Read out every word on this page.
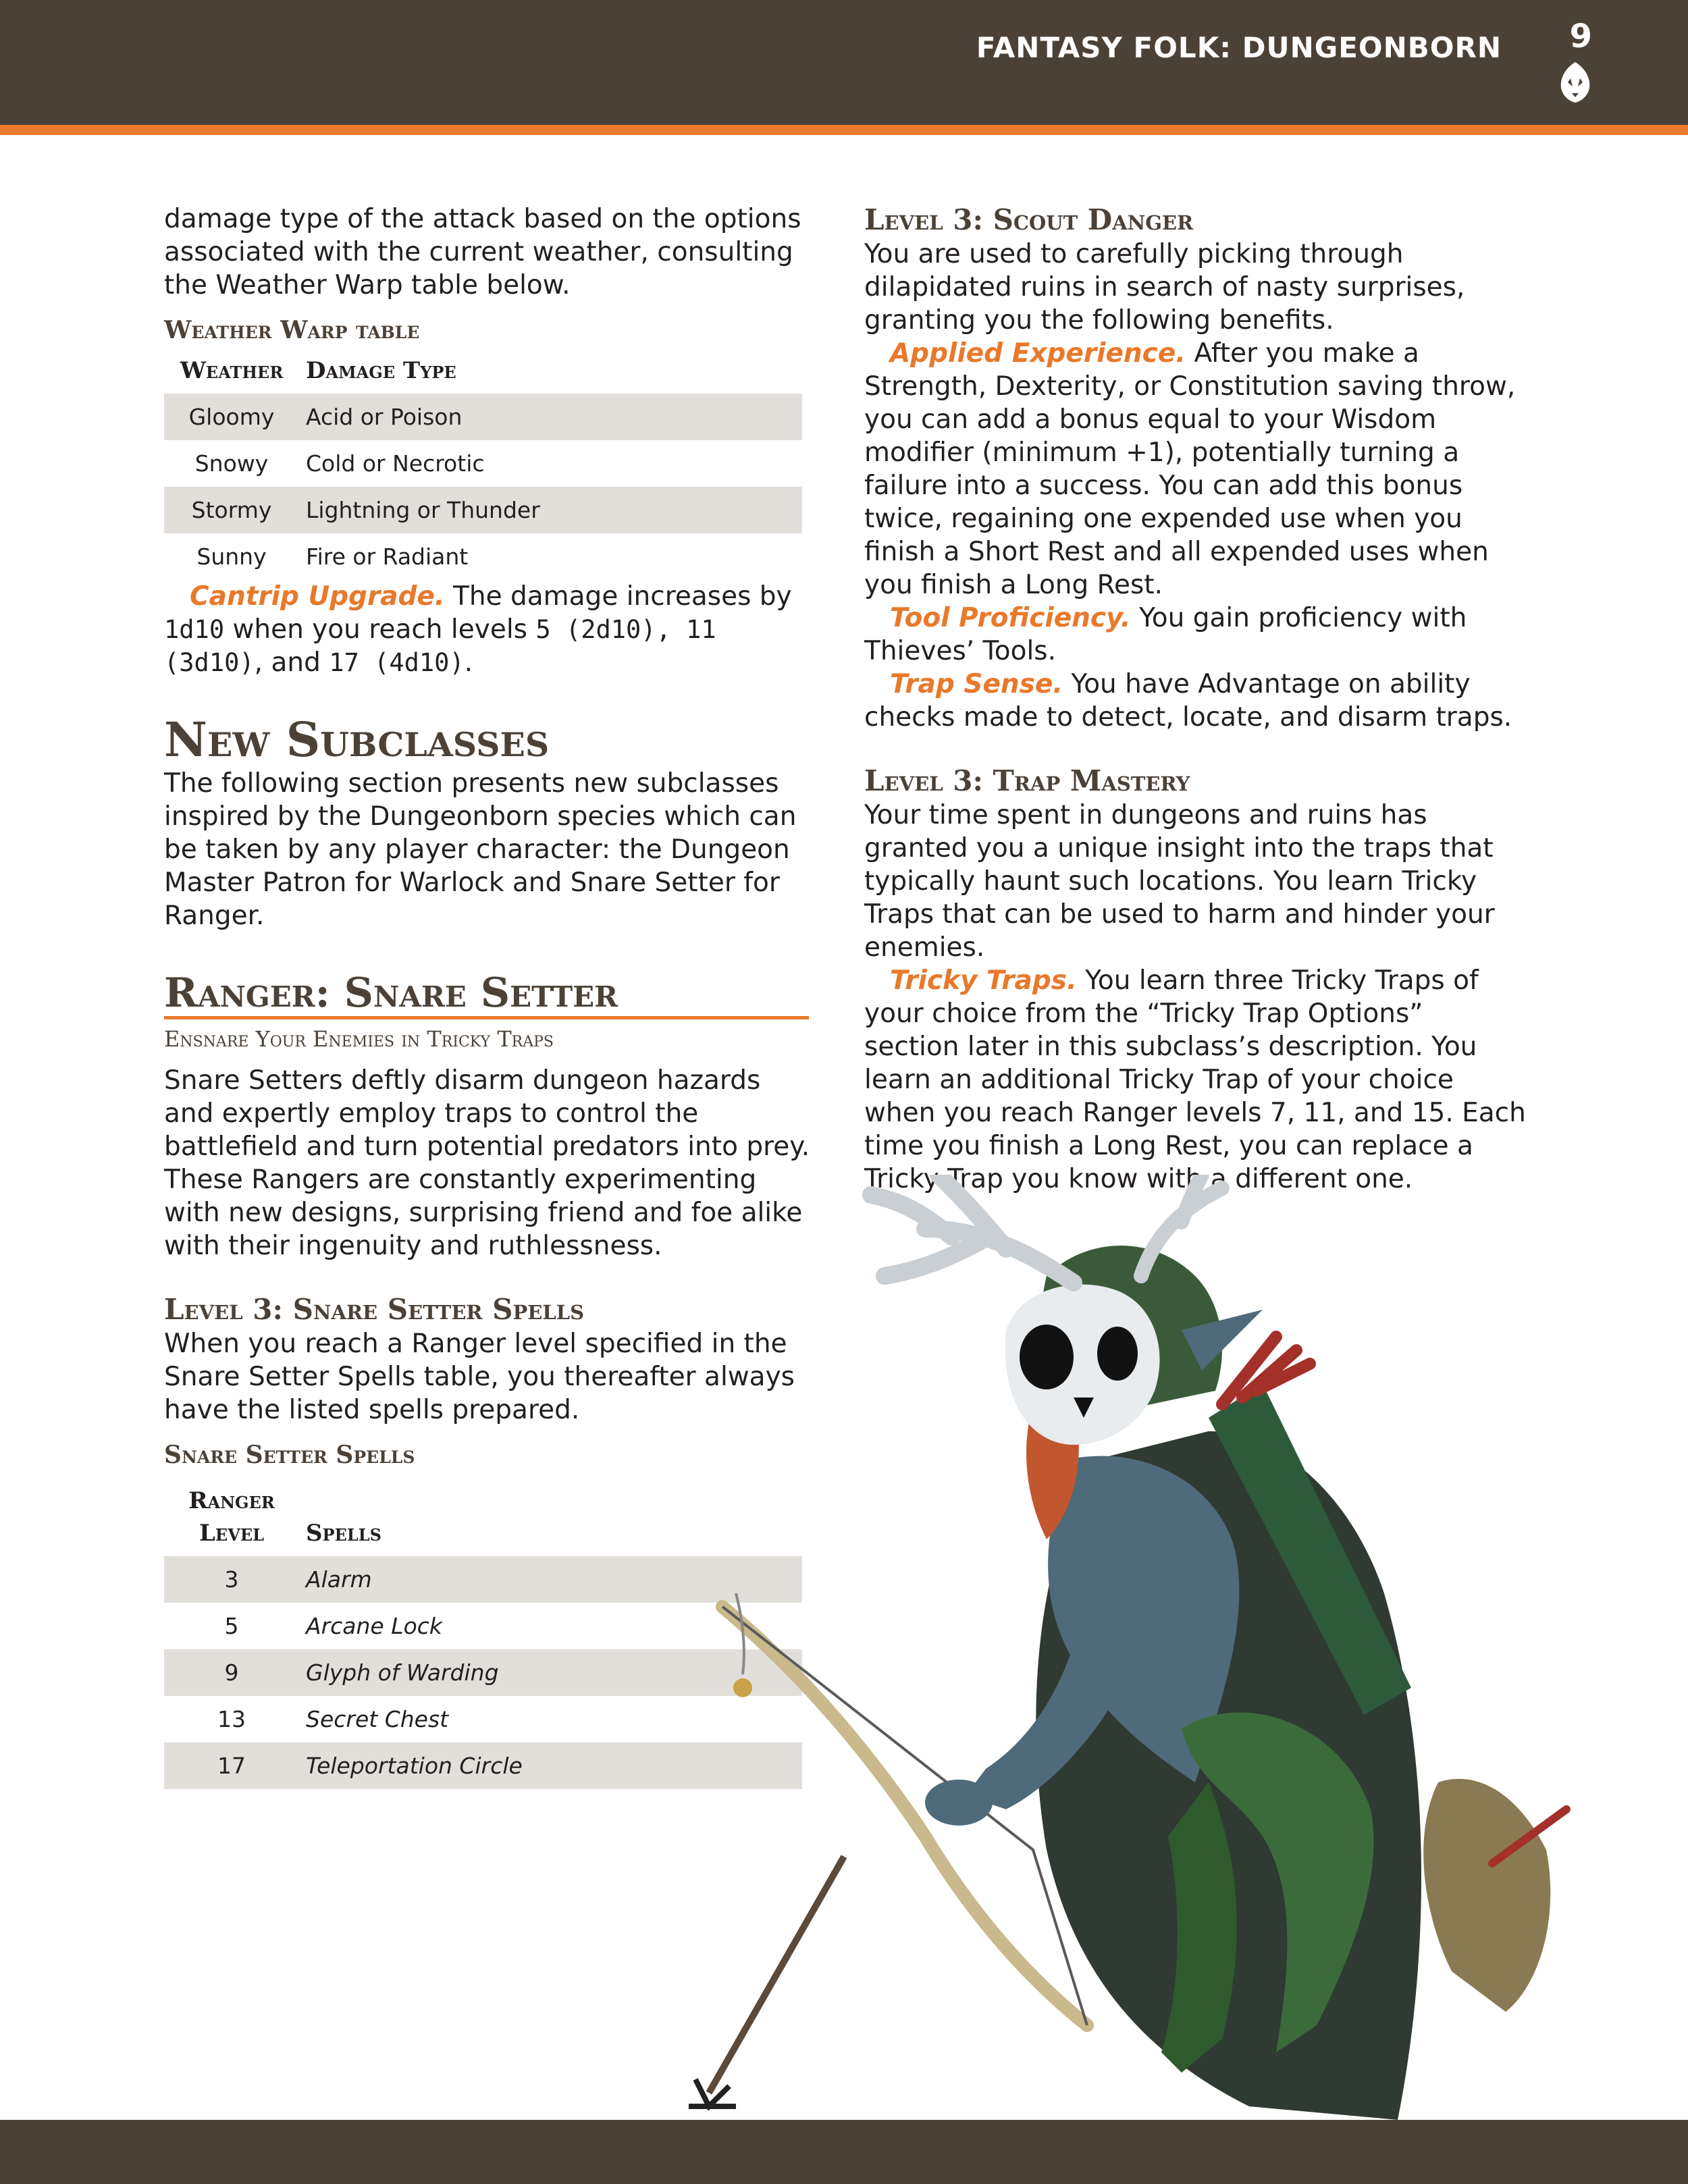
FANTASY FOLK: DUNGEONBORN 9

damage type of the attack based on the options associated with the current weather, consulting the Weather Warp table below.

Weather Warp table
Weather	Damage Type
Gloomy	Acid or Poison
Snowy	Cold or Necrotic
Stormy	Lightning or Thunder
Sunny	Fire or Radiant

Cantrip Upgrade. The damage increases by 1d10 when you reach levels 5 (2d10), 11 (3d10), and 17 (4d10).

New Subclasses

The following section presents new subclasses inspired by the Dungeonborn species which can be taken by any player character: the Dungeon Master Patron for Warlock and Snare Setter for Ranger.

Ranger: Snare Setter
Ensnare Your Enemies in Tricky Traps

Snare Setters deftly disarm dungeon hazards and expertly employ traps to control the battlefield and turn potential predators into prey. These Rangers are constantly experimenting with new designs, surprising friend and foe alike with their ingenuity and ruthlessness.

Level 3: Snare Setter Spells

When you reach a Ranger level specified in the Snare Setter Spells table, you thereafter always have the listed spells prepared.

Snare Setter Spells
Ranger
Level	Spells
3	Alarm
5	Arcane Lock
9	Glyph of Warding
13	Secret Chest
17	Teleportation Circle
Level 3: Scout Danger

You are used to carefully picking through dilapidated ruins in search of nasty surprises, granting you the following benefits.

Applied Experience. After you make a Strength, Dexterity, or Constitution saving throw, you can add a bonus equal to your Wisdom modifier (minimum +1), potentially turning a failure into a success. You can add this bonus twice, regaining one expended use when you finish a Short Rest and all expended uses when you finish a Long Rest.

Tool Proficiency. You gain proficiency with Thieves’ Tools.

Trap Sense. You have Advantage on ability checks made to detect, locate, and disarm traps.

Level 3: Trap Mastery

Your time spent in dungeons and ruins has granted you a unique insight into the traps that typically haunt such locations. You learn Tricky Traps that can be used to harm and hinder your enemies.

Tricky Traps. You learn three Tricky Traps of your choice from the “Tricky Trap Options” section later in this subclass’s description. You learn an additional Tricky Trap of your choice when you reach Ranger levels 7, 11, and 15. Each time you finish a Long Rest, you can replace a Tricky Trap you know with a different one.
